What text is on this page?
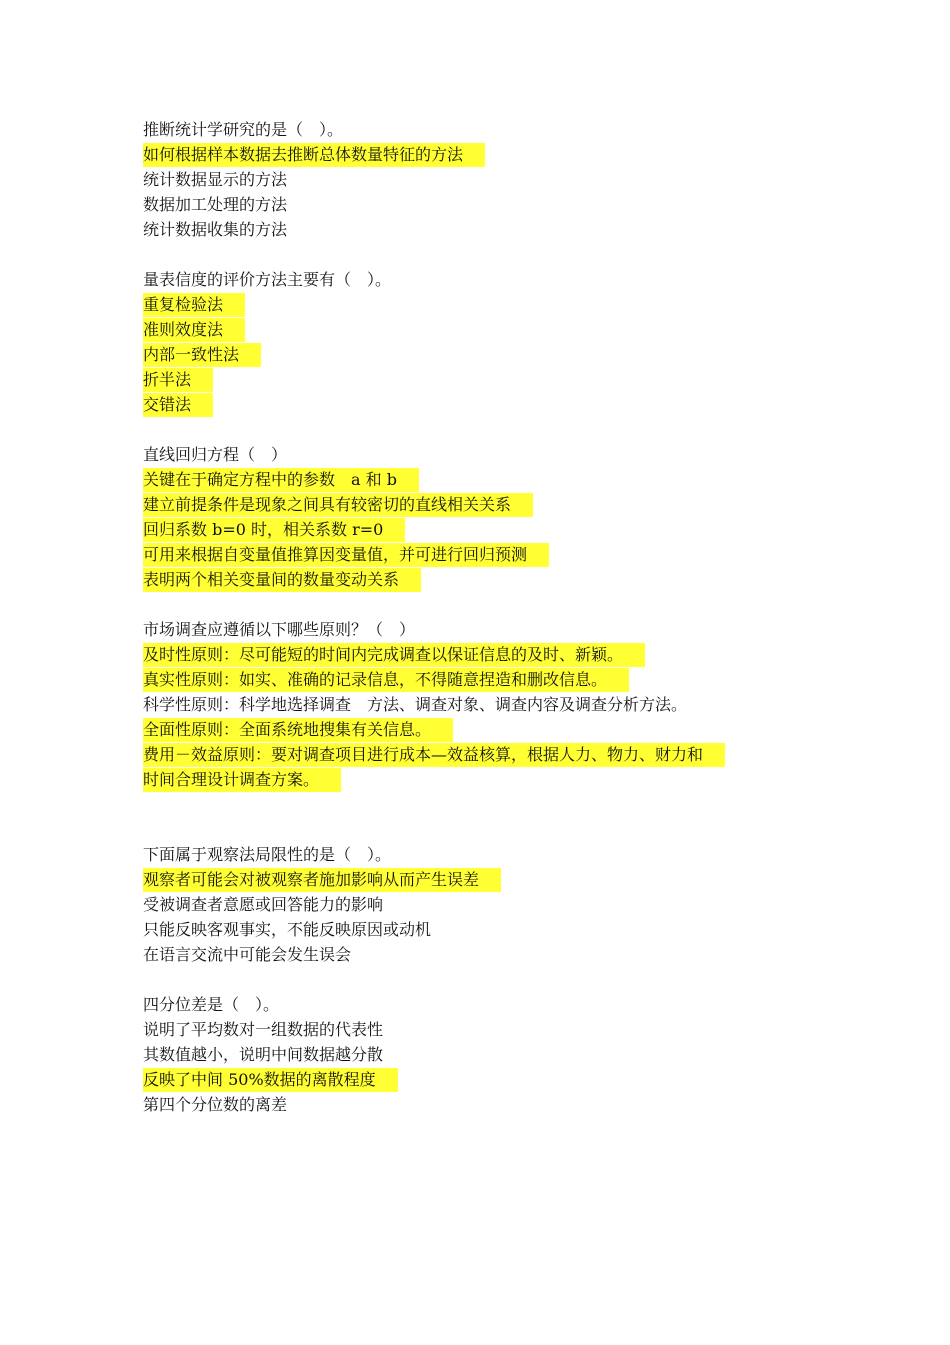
推断统计学研究的是（　）。
如何根据样本数据去推断总体数量特征的方法
统计数据显示的方法
数据加工处理的方法
统计数据收集的方法
量表信度的评价方法主要有（　）。
重复检验法
准则效度法
内部一致性法
折半法
交错法
直线回归方程（　）
关键在于确定方程中的参数　a 和 b
建立前提条件是现象之间具有较密切的直线相关关系
回归系数 b=0 时，相关系数 r=0
可用来根据自变量值推算因变量值，并可进行回归预测
表明两个相关变量间的数量变动关系
市场调查应遵循以下哪些原则？（　）
及时性原则：尽可能短的时间内完成调查以保证信息的及时、新颖。
真实性原则：如实、准确的记录信息，不得随意捏造和删改信息。
科学性原则：科学地选择调查　方法、调查对象、调查内容及调查分析方法。
全面性原则：全面系统地搜集有关信息。
费用－效益原则：要对调查项目进行成本—效益核算，根据人力、物力、财力和
时间合理设计调查方案。
下面属于观察法局限性的是（　）。
观察者可能会对被观察者施加影响从而产生误差
受被调查者意愿或回答能力的影响
只能反映客观事实，不能反映原因或动机
在语言交流中可能会发生误会
四分位差是（　）。
说明了平均数对一组数据的代表性
其数值越小，说明中间数据越分散
反映了中间 50%数据的离散程度
第四个分位数的离差
